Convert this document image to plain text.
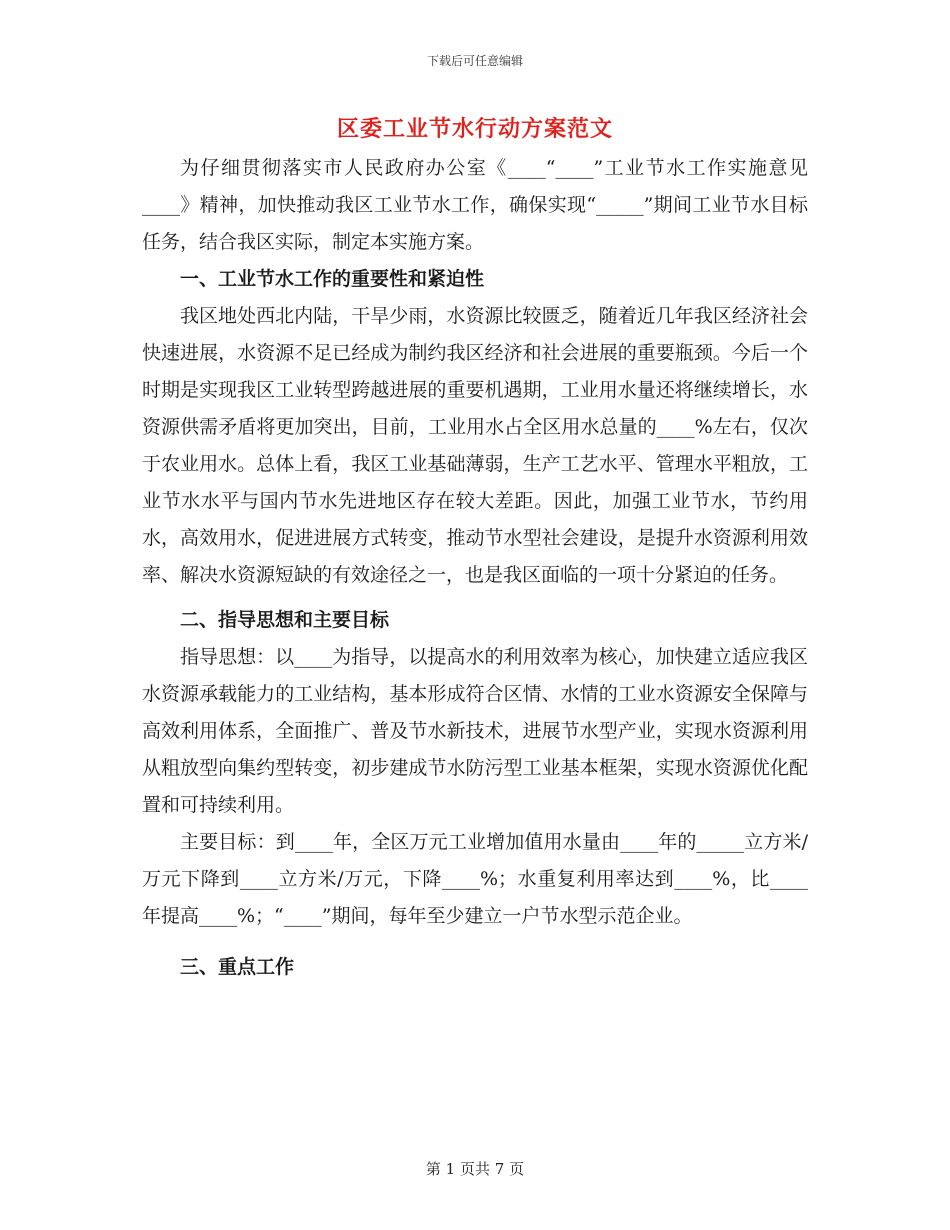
下载后可任意编辑
区委工业节水行动方案范文

为仔细贯彻落实市人民政府办公室《____“____”工业节水工作实施意见____》精神，加快推动我区工业节水工作，确保实现“_____”期间工业节水目标任务，结合我区实际，制定本实施方案。

一、工业节水工作的重要性和紧迫性

我区地处西北内陆，干旱少雨，水资源比较匮乏，随着近几年我区经济社会快速进展，水资源不足已经成为制约我区经济和社会进展的重要瓶颈。今后一个时期是实现我区工业转型跨越进展的重要机遇期，工业用水量还将继续增长，水资源供需矛盾将更加突出，目前，工业用水占全区用水总量的____%左右，仅次于农业用水。总体上看，我区工业基础薄弱，生产工艺水平、管理水平粗放，工业节水水平与国内节水先进地区存在较大差距。因此，加强工业节水，节约用水，高效用水，促进进展方式转变，推动节水型社会建设，是提升水资源利用效率、解决水资源短缺的有效途径之一，也是我区面临的一项十分紧迫的任务。

二、指导思想和主要目标

指导思想：以____为指导，以提高水的利用效率为核心，加快建立适应我区水资源承载能力的工业结构，基本形成符合区情、水情的工业水资源安全保障与高效利用体系，全面推广、普及节水新技术，进展节水型产业，实现水资源利用从粗放型向集约型转变，初步建成节水防污型工业基本框架，实现水资源优化配置和可持续利用。

主要目标：到____年，全区万元工业增加值用水量由____年的_____立方米/万元下降到____立方米/万元，下降____%；水重复利用率达到____%，比____年提高____%；“____”期间，每年至少建立一户节水型示范企业。

三、重点工作

第 1 页共 7 页
